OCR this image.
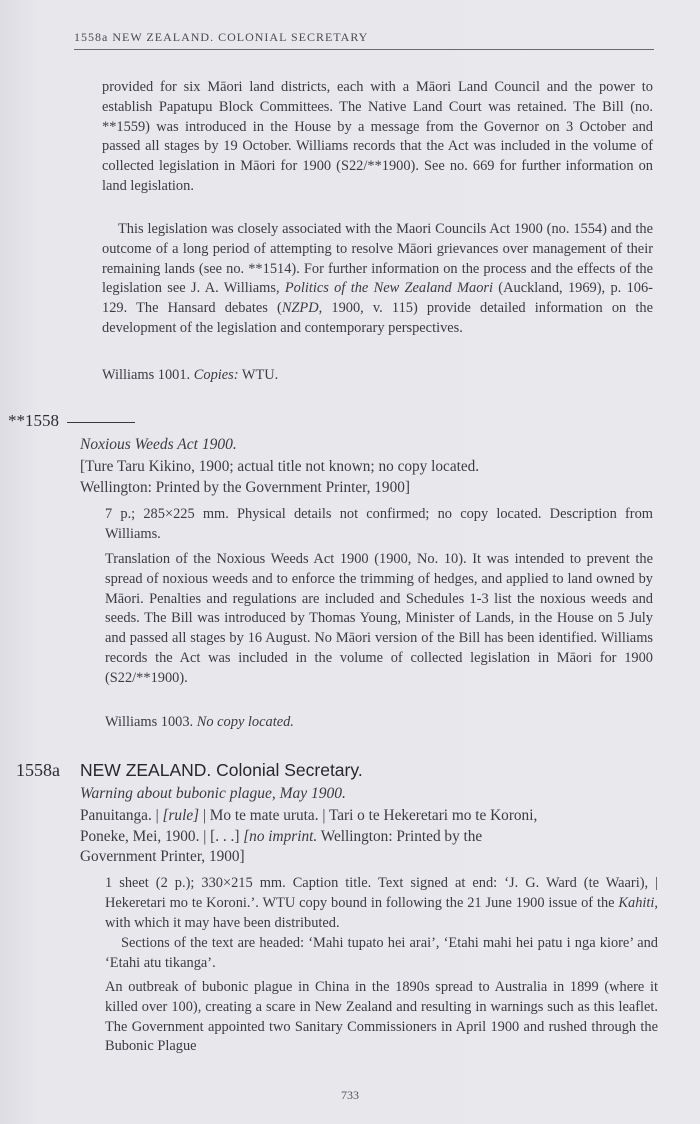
1558a NEW ZEALAND. COLONIAL SECRETARY

provided for six Māori land districts, each with a Māori Land Council and the power to establish Papatupu Block Committees. The Native Land Court was retained. The Bill (no. **1559) was introduced in the House by a message from the Governor on 3 October and passed all stages by 19 October. Williams records that the Act was included in the volume of collected legislation in Māori for 1900 (S22/**1900). See no. 669 for further information on land legislation.

This legislation was closely associated with the Maori Councils Act 1900 (no. 1554) and the outcome of a long period of attempting to resolve Māori grievances over management of their remaining lands (see no. **1514). For further information on the process and the effects of the legislation see J. A. Williams, Politics of the New Zealand Maori (Auckland, 1969), p. 106-129. The Hansard debates (NZPD, 1900, v. 115) provide detailed information on the development of the legislation and contemporary perspectives.

Williams 1001. Copies: WTU.

**1558
Noxious Weeds Act 1900.
[Ture Taru Kikino, 1900; actual title not known; no copy located.
Wellington: Printed by the Government Printer, 1900]

7 p.; 285×225 mm. Physical details not confirmed; no copy located. Description from Williams.

Translation of the Noxious Weeds Act 1900 (1900, No. 10). It was intended to prevent the spread of noxious weeds and to enforce the trimming of hedges, and applied to land owned by Māori. Penalties and regulations are included and Schedules 1-3 list the noxious weeds and seeds. The Bill was introduced by Thomas Young, Minister of Lands, in the House on 5 July and passed all stages by 16 August. No Māori version of the Bill has been identified. Williams records the Act was included in the volume of collected legislation in Māori for 1900 (S22/**1900).

Williams 1003. No copy located.

1558a NEW ZEALAND. Colonial Secretary.
Warning about bubonic plague, May 1900.
Panuitanga. | [rule] | Mo te mate uruta. | Tari o te Hekeretari mo te Koroni,
Poneke, Mei, 1900. | [. . .] [no imprint. Wellington: Printed by the
Government Printer, 1900]

1 sheet (2 p.); 330×215 mm. Caption title. Text signed at end: ‘J. G. Ward (te Waari), | Hekeretari mo te Koroni.’. WTU copy bound in following the 21 June 1900 issue of the Kahiti, with which it may have been distributed.

Sections of the text are headed: ‘Mahi tupato hei arai’, ‘Etahi mahi hei patu i nga kiore’ and ‘Etahi atu tikanga’.

An outbreak of bubonic plague in China in the 1890s spread to Australia in 1899 (where it killed over 100), creating a scare in New Zealand and resulting in warnings such as this leaflet. The Government appointed two Sanitary Commissioners in April 1900 and rushed through the Bubonic Plague

733
